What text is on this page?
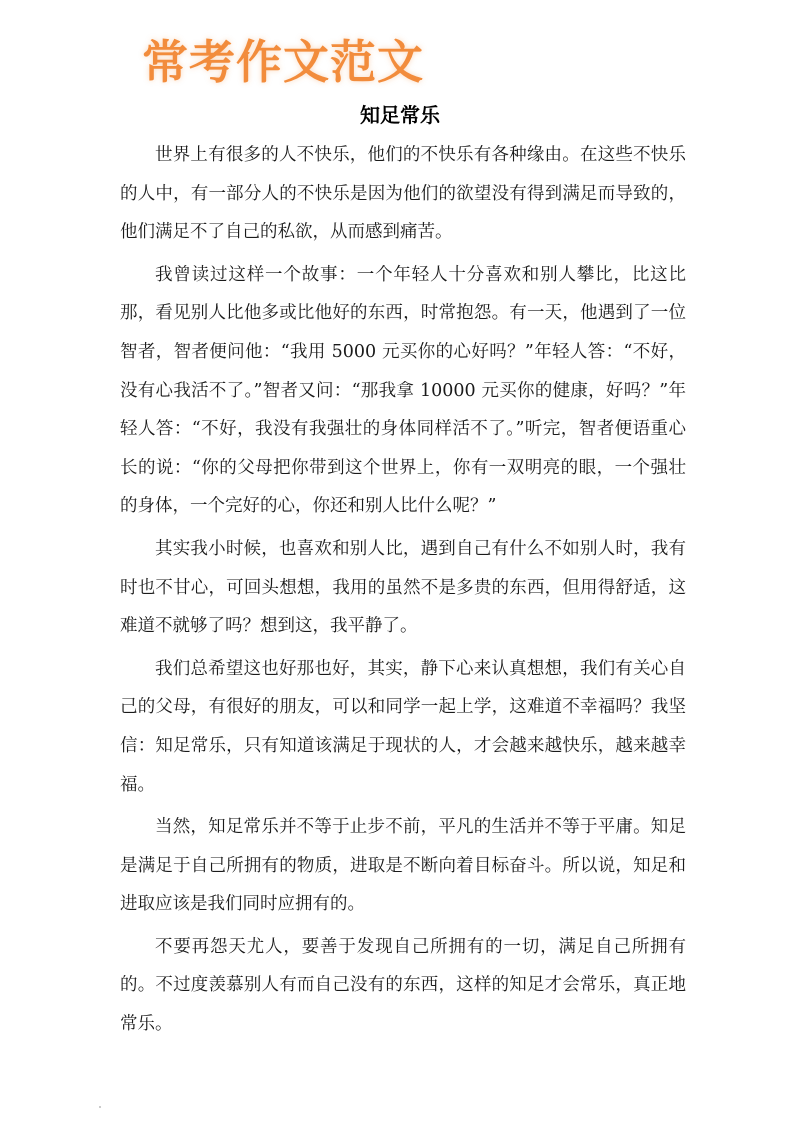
常考作文范文
知足常乐

世界上有很多的人不快乐，他们的不快乐有各种缘由。在这些不快乐的人中，有一部分人的不快乐是因为他们的欲望没有得到满足而导致的，他们满足不了自己的私欲，从而感到痛苦。

我曾读过这样一个故事：一个年轻人十分喜欢和别人攀比，比这比那，看见别人比他多或比他好的东西，时常抱怨。有一天，他遇到了一位智者，智者便问他：“我用 5000 元买你的心好吗？”年轻人答：“不好，没有心我活不了。”智者又问：“那我拿 10000 元买你的健康，好吗？”年轻人答：“不好，我没有我强壮的身体同样活不了。”听完，智者便语重心长的说：“你的父母把你带到这个世界上，你有一双明亮的眼，一个强壮的身体，一个完好的心，你还和别人比什么呢？”

其实我小时候，也喜欢和别人比，遇到自己有什么不如别人时，我有时也不甘心，可回头想想，我用的虽然不是多贵的东西，但用得舒适，这难道不就够了吗？想到这，我平静了。

我们总希望这也好那也好，其实，静下心来认真想想，我们有关心自己的父母，有很好的朋友，可以和同学一起上学，这难道不幸福吗？我坚信：知足常乐，只有知道该满足于现状的人，才会越来越快乐，越来越幸福。

当然，知足常乐并不等于止步不前，平凡的生活并不等于平庸。知足是满足于自己所拥有的物质，进取是不断向着目标奋斗。所以说，知足和进取应该是我们同时应拥有的。

不要再怨天尤人，要善于发现自己所拥有的一切，满足自己所拥有的。不过度羡慕别人有而自己没有的东西，这样的知足才会常乐，真正地常乐。
